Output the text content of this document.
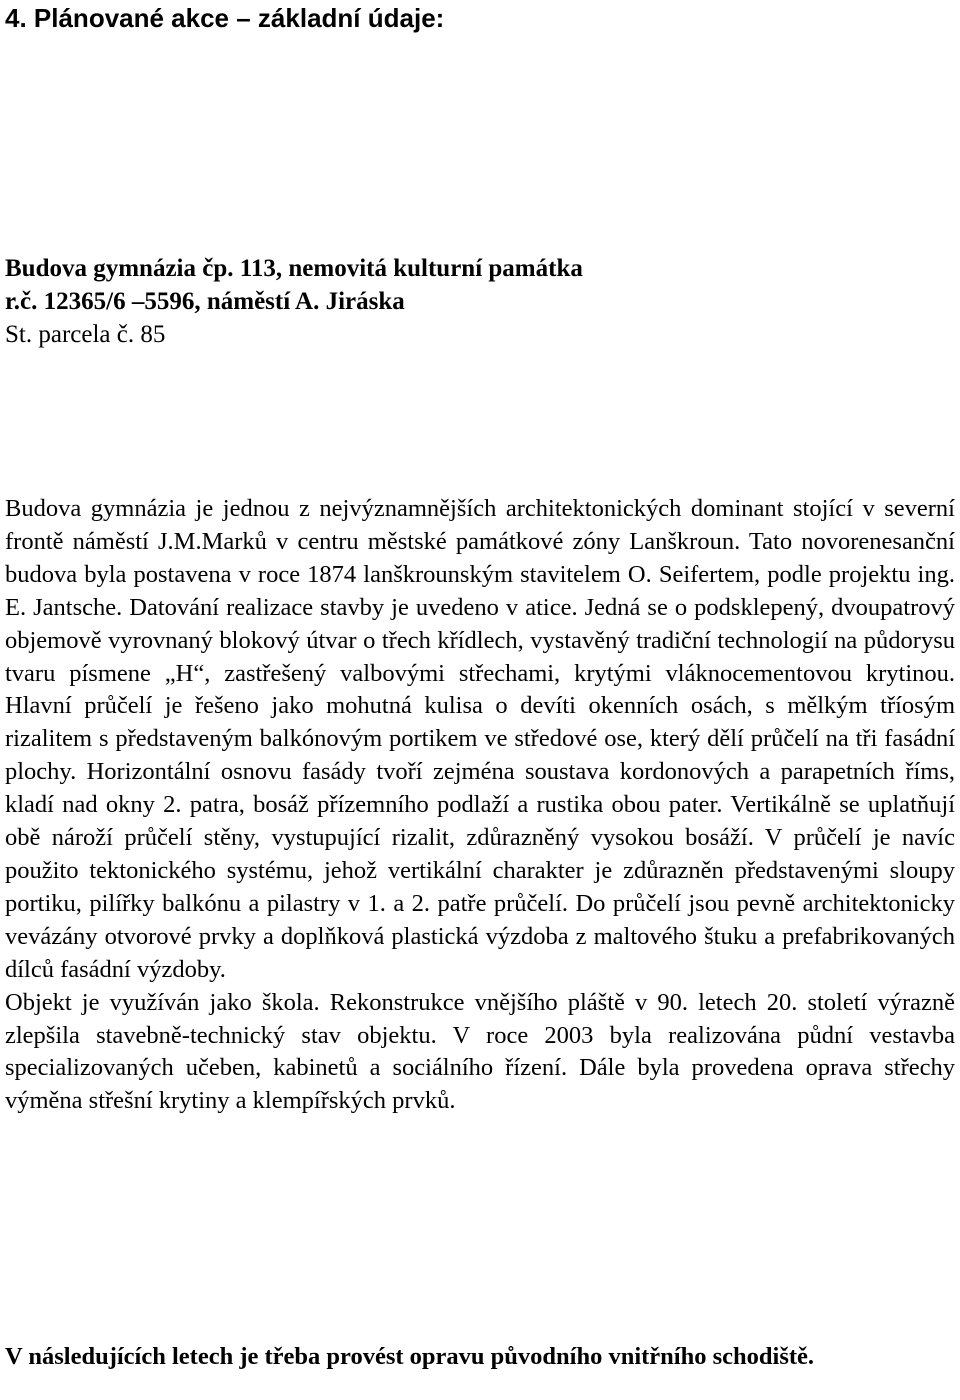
4. Plánované akce – základní údaje:
Budova gymnázia čp. 113, nemovitá kulturní památka
r.č. 12365/6 –5596, náměstí A. Jiráska
St. parcela č. 85

Budova gymnázia je jednou z nejvýznamnějších architektonických dominant stojící v severní frontě náměstí J.M.Marků v centru městské památkové zóny Lanškroun. Tato novorenesanční budova byla postavena v roce 1874 lanškrounským stavitelem O. Seifertem, podle projektu ing. E. Jantsche. Datování realizace stavby je uvedeno v atice. Jedná se o podsklepený, dvoupatrový objemově vyrovnaný blokový útvar o třech křídlech, vystavěný tradiční technologií na půdorysu tvaru písmene „H“, zastřešený valbovými střechami, krytými vláknocementovou krytinou. Hlavní průčelí je řešeno jako mohutná kulisa o devíti okenních osách, s mělkým tříosým rizalitem s představeným balkónovým portikem ve středové ose, který dělí průčelí na tři fasádní plochy. Horizontální osnovu fasády tvoří zejména soustava kordonových a parapetních říms, kladí nad okny 2. patra, bosáž přízemního podlaží a rustika obou pater. Vertikálně se uplatňují obě nároží průčelí stěny, vystupující rizalit, zdůrazněný vysokou bosáží. V průčelí je navíc použito tektonického systému, jehož vertikální charakter je zdůrazněn představenými sloupy portiku, pilířky balkónu a pilastry v 1. a 2. patře průčelí. Do průčelí jsou pevně architektonicky vevázány otvorové prvky a doplňková plastická výzdoba z maltového štuku a prefabrikovaných dílců fasádní výzdoby.

Objekt je využíván jako škola. Rekonstrukce vnějšího pláště v 90. letech 20. století výrazně zlepšila stavebně-technický stav objektu. V roce 2003 byla realizována půdní vestavba specializovaných učeben, kabinetů a sociálního řízení. Dále byla provedena oprava střechy výměna střešní krytiny a klempířských prvků.

V následujících letech je třeba provést opravu původního vnitřního schodiště.
